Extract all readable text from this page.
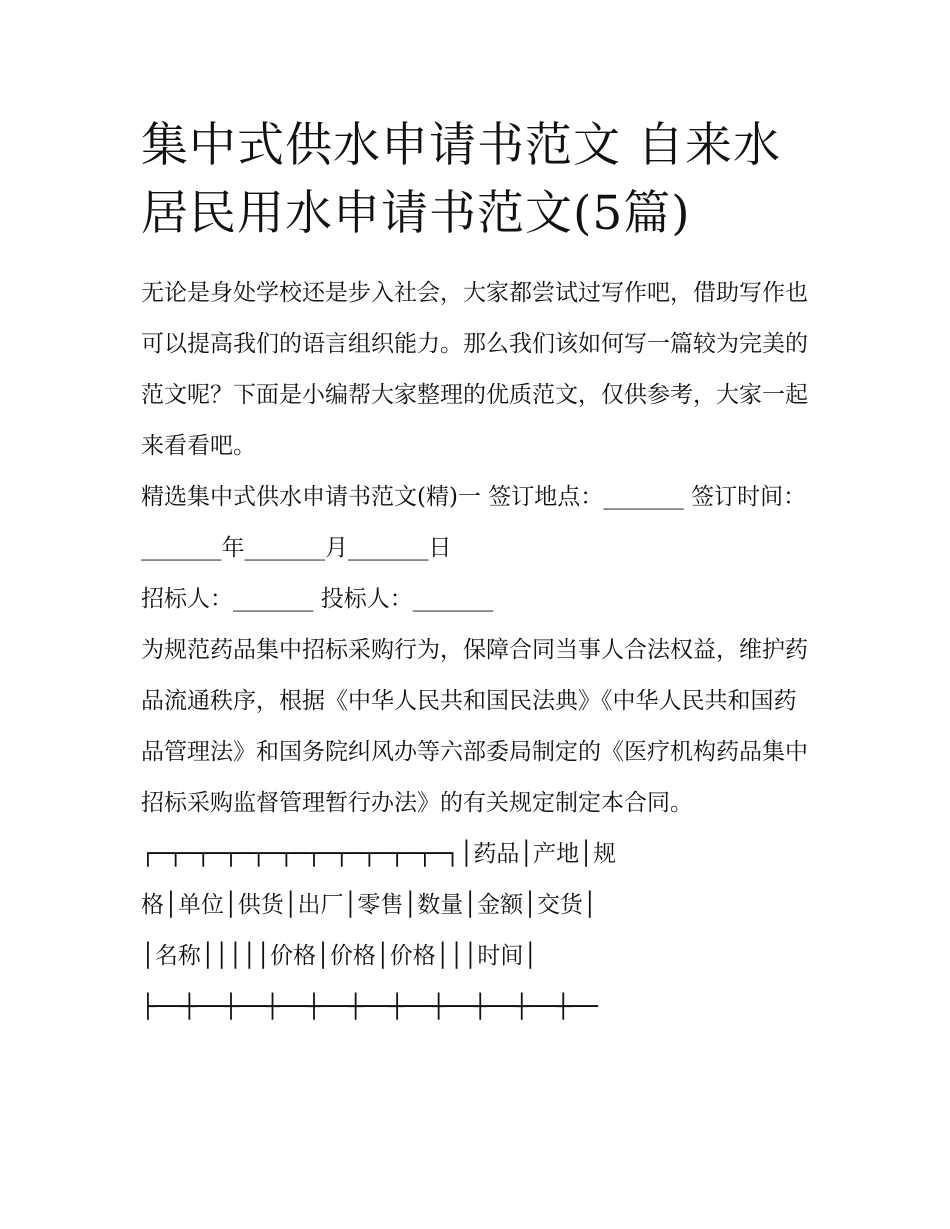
集中式供水申请书范文 自来水居民用水申请书范文(5篇)

无论是身处学校还是步入社会，大家都尝试过写作吧，借助写作也可以提高我们的语言组织能力。那么我们该如何写一篇较为完美的范文呢？下面是小编帮大家整理的优质范文，仅供参考，大家一起来看看吧。

精选集中式供水申请书范文(精)一 签订地点：_______ 签订时间：_______年_______月_______日

招标人：_______ 投标人：_______

为规范药品集中招标采购行为，保障合同当事人合法权益，维护药品流通秩序，根据《中华人民共和国民法典》《中华人民共和国药品管理法》和国务院纠风办等六部委局制定的《医疗机构药品集中招标采购监督管理暂行办法》的有关规定制定本合同。

┌─┬─┬─┬─┬─┬─┬─┬─┬─┬─┬─┐│药品│产地│规

格│单位│供货│出厂│零售│数量│金额│交货│

│名称│││││价格│价格│价格│││时间│

├──┼──┼──┼──┼──┼──┼──┼──┼──┼──┼──
